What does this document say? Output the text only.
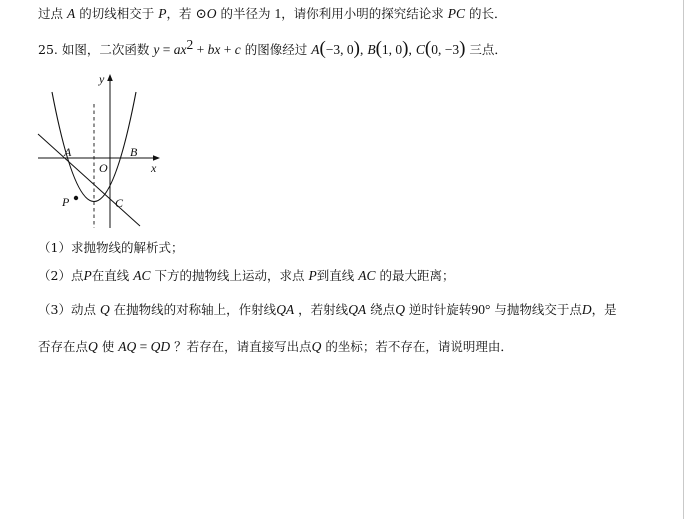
过点 A 的切线相交于 P，若 ⊙O 的半径为 1，请你利用小明的探究结论求 PC 的长．
25. 如图，二次函数 $y = ax^2$ + bx + c 的图像经过 A(−3, 0), B(1, 0), C(0, −3) 三点．
y
x
A	B
O
C
P
（1）求抛物线的解析式；
（2）点P在直线 AC 下方的抛物线上运动，求点 P到直线 AC 的最大距离；
（3）动点 Q 在抛物线的对称轴上，作射线QA ，若射线QA 绕点Q 逆时针旋转90° 与抛物线交于点D，是
否存在点Q 使 AQ = QD ？若存在，请直接写出点Q 的坐标；若不存在，请说明理由．
